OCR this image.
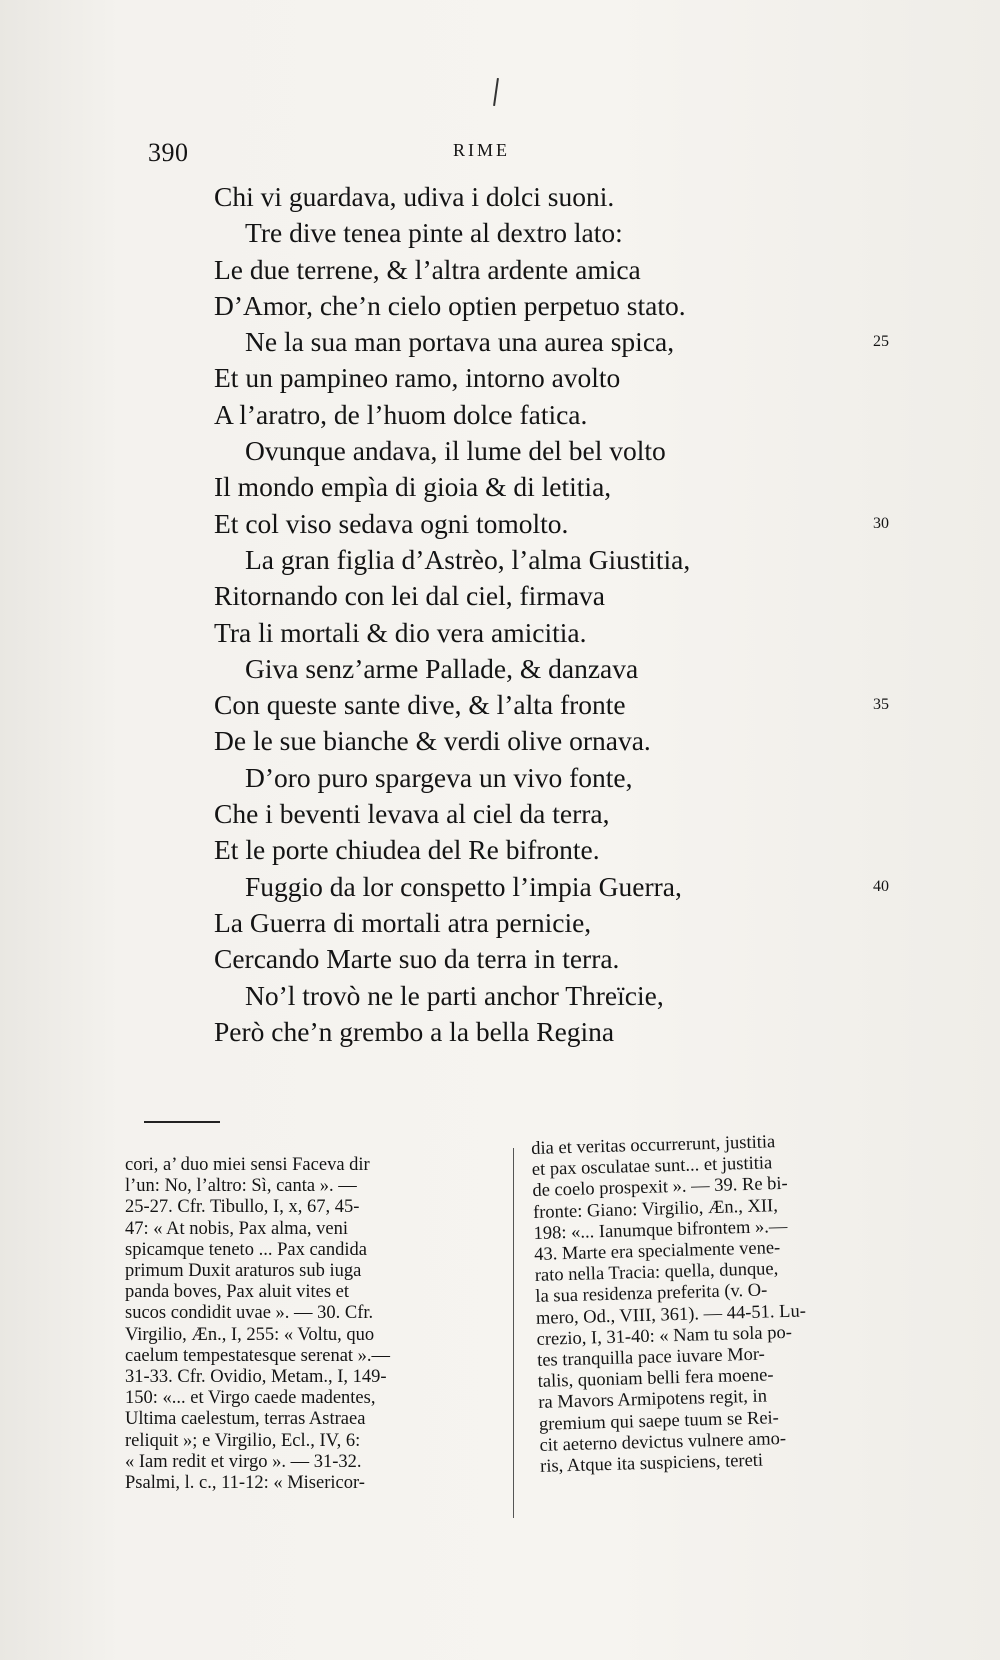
390	RIME
Chi vi guardava, udiva i dolci suoni.
Tre dive tenea pinte al dextro lato:
Le due terrene, & l’altra ardente amica
D’Amor, che’n cielo optien perpetuo stato.
Ne la sua man portava una aurea spica,	25
Et un pampineo ramo, intorno avolto
A l’aratro, de l’huom dolce fatica.
Ovunque andava, il lume del bel volto
Il mondo empìa di gioia & di letitia,
Et col viso sedava ogni tomolto.	30
La gran figlia d’Astrèo, l’alma Giustitia,
Ritornando con lei dal ciel, firmava
Tra li mortali & dio vera amicitia.
Giva senz’arme Pallade, & danzava
Con queste sante dive, & l’alta fronte	35
De le sue bianche & verdi olive ornava.
D’oro puro spargeva un vivo fonte,
Che i beventi levava al ciel da terra,
Et le porte chiudea del Re bifronte.
Fuggio da lor conspetto l’impia Guerra,	40
La Guerra di mortali atra pernicie,
Cercando Marte suo da terra in terra.
No’l trovò ne le parti anchor Threïcie,
Però che’n grembo a la bella Regina
cori, a’ duo miei sensi Faceva dir
l’un: No, l’altro: Sì, canta ». —
25-27. Cfr. Tibullo, I, x, 67, 45-
47: « At nobis, Pax alma, veni
spicamque teneto ... Pax candida
primum Duxit araturos sub iuga
panda boves, Pax aluit vites et
sucos condidit uvae ». — 30. Cfr.
Virgilio, Æn., I, 255: « Voltu, quo
caelum tempestatesque serenat ».—
31-33. Cfr. Ovidio, Metam., I, 149-
150: «... et Virgo caede madentes,
Ultima caelestum, terras Astraea
reliquit »; e Virgilio, Ecl., IV, 6:
« Iam redit et virgo ». — 31-32.
Psalmi, l. c., 11-12: « Misericor-
dia et veritas occurrerunt, justitia
et pax osculatae sunt... et justitia
de coelo prospexit ». — 39. Re bi-
fronte: Giano: Virgilio, Æn., XII,
198: «... Ianumque bifrontem ».—
43. Marte era specialmente vene-
rato nella Tracia: quella, dunque,
la sua residenza preferita (v. O-
mero, Od., VIII, 361). — 44-51. Lu-
crezio, I, 31-40: « Nam tu sola po-
tes tranquilla pace iuvare Mor-
talis, quoniam belli fera moene-
ra Mavors Armipotens regit, in
gremium qui saepe tuum se Rei-
cit aeterno devictus vulnere amo-
ris, Atque ita suspiciens, tereti
